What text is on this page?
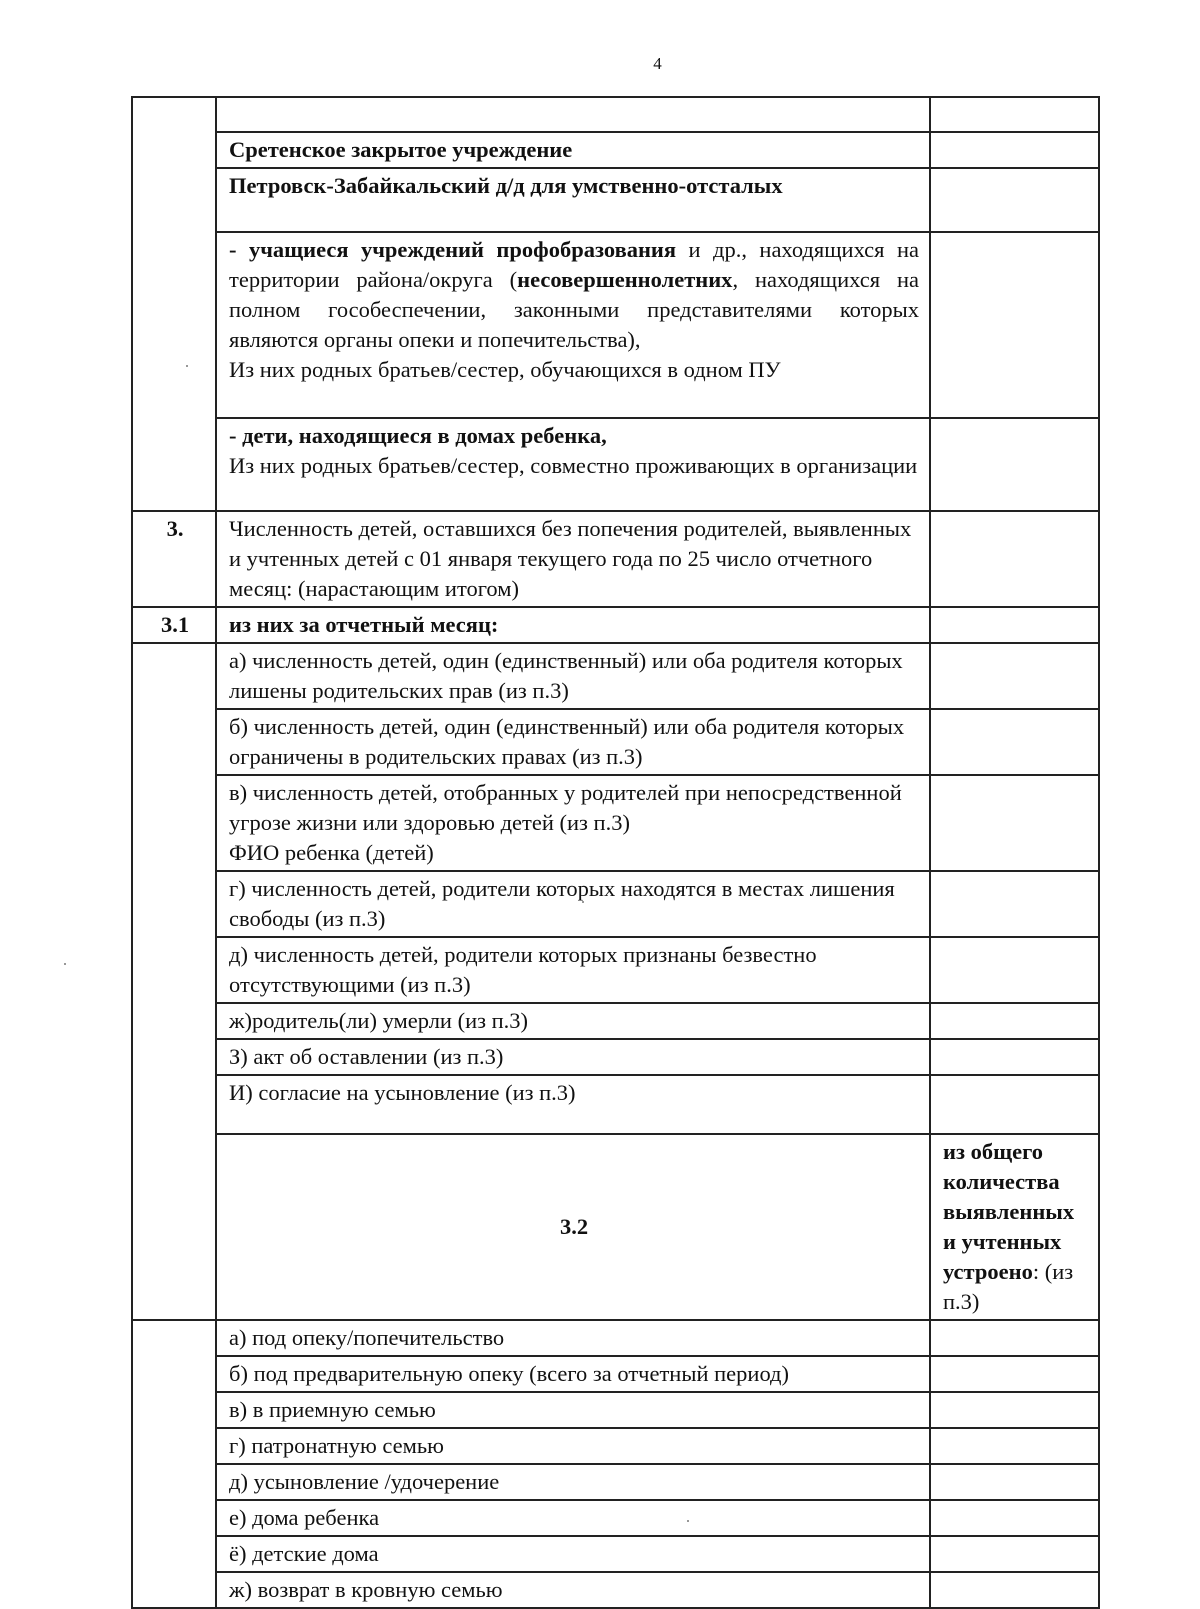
4

	Сретенское закрытое учреждение		
	Петровск-Забайкальский д/д для умственно-отсталых		
	- учащиеся учреждений профобразования и др., находящихся на территории района/округа (несовершеннолетних, находящихся на полном гособеспечении, законными представителями которых являются органы опеки и попечительства),
Из них родных братьев/сестер, обучающихся в одном ПУ		
	- дети, находящиеся в домах ребенка,
Из них родных братьев/сестер, совместно проживающих в организации		
3.	Численность детей, оставшихся без попечения родителей, выявленных и учтенных детей с 01 января текущего года по 25 число отчетного месяц: (нарастающим итогом)		
3.1	из них за отчетный месяц:		
	а) численность детей, один (единственный) или оба родителя которых лишены родительских прав (из п.3)		
	б) численность детей, один (единственный) или оба родителя которых ограничены в родительских правах (из п.3)		
	в) численность детей, отобранных у родителей при непосредственной угрозе жизни или здоровью детей (из п.3)
ФИО ребенка (детей)		
	г) численность детей, родители которых находятся в местах лишения свободы (из п.3)		
	д) численность детей, родители которых признаны безвестно отсутствующими (из п.3)		
	ж)родитель(ли) умерли (из п.3)		
	З) акт об оставлении (из п.3)		
	И) согласие на усыновление (из п.3)		
	3.2	из общего количества выявленных и учтенных устроено: (из п.3)	
	а) под опеку/попечительство		
	б) под предварительную опеку (всего за отчетный период)		
	в) в приемную семью		
	г) патронатную семью		
	д) усыновление /удочерение		
	е) дома ребенка		
	ё) детские дома		
	ж) возврат в кровную семью		
